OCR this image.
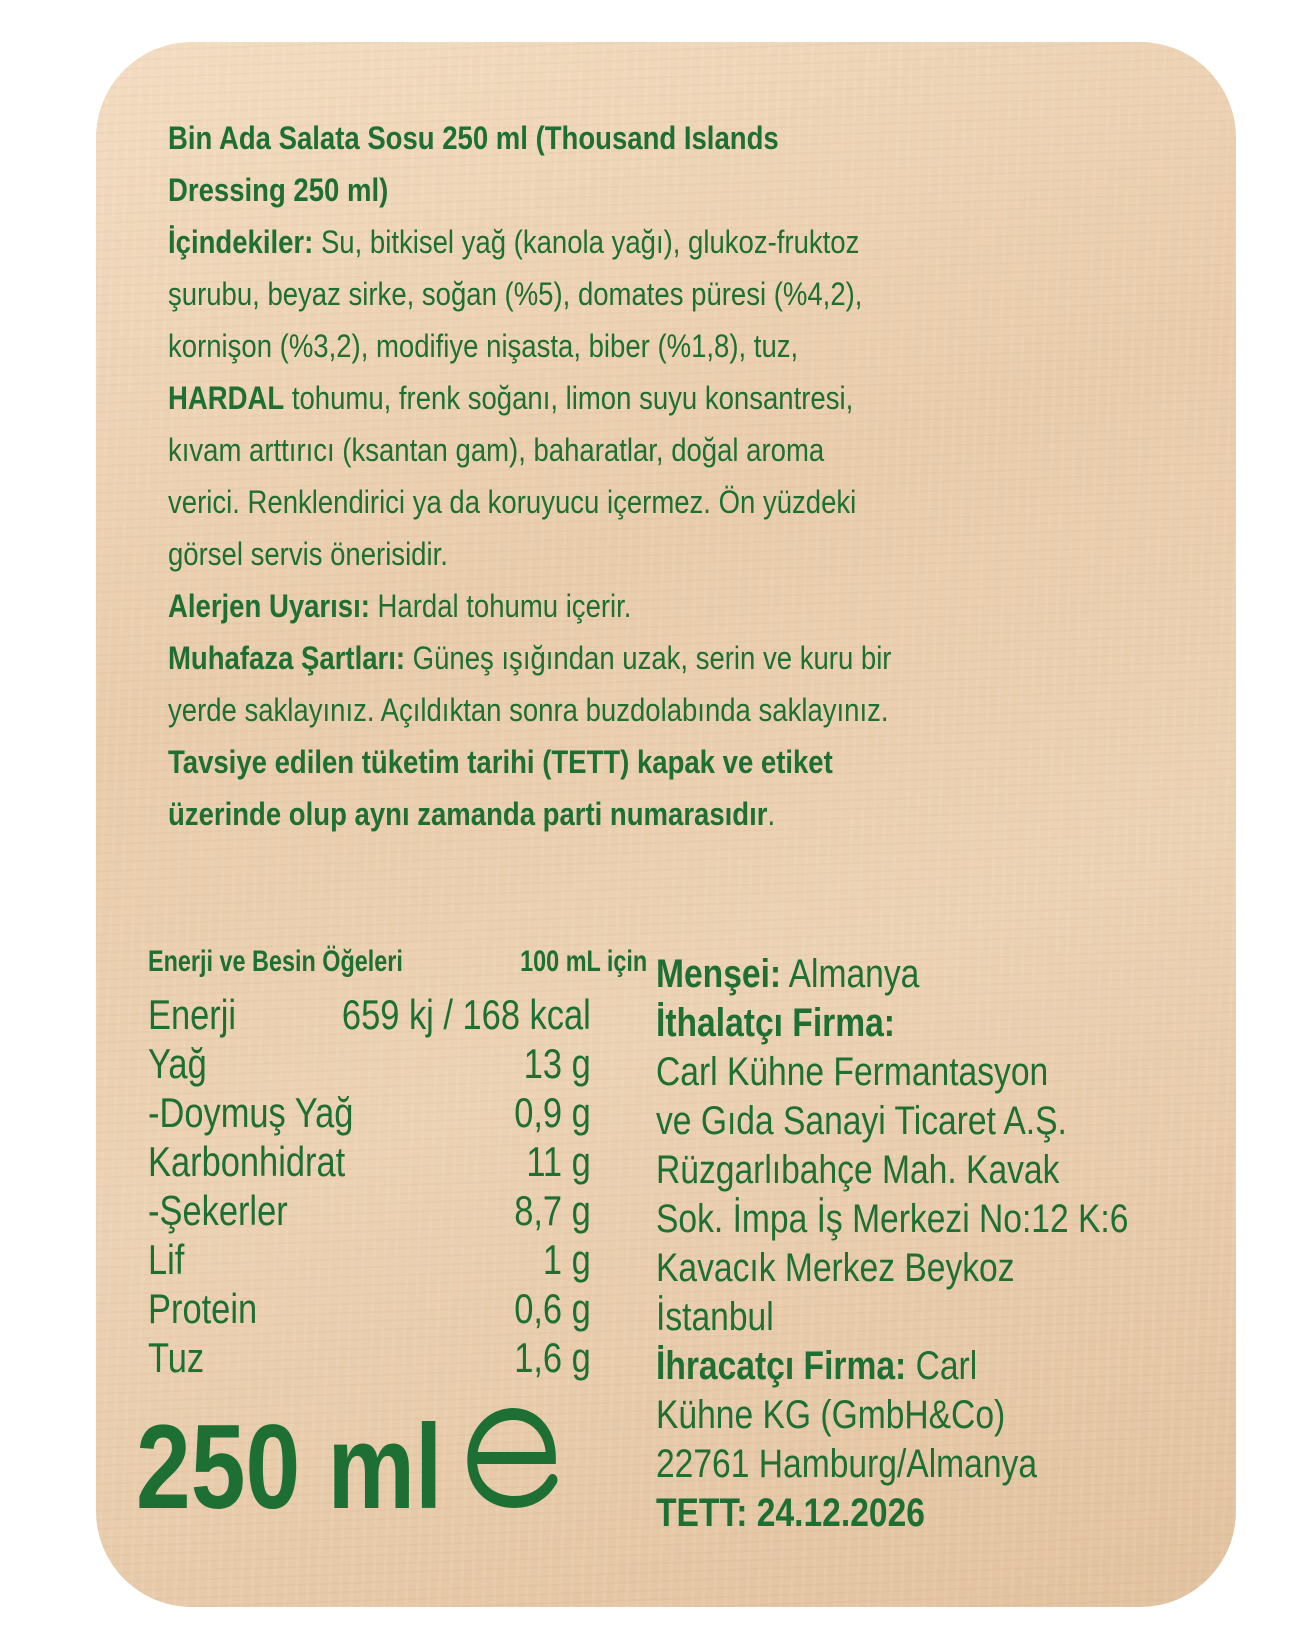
Bin Ada Salata Sosu 250 ml (Thousand Islands
Dressing 250 ml)
İçindekiler: Su, bitkisel yağ (kanola yağı), glukoz-fruktoz
şurubu, beyaz sirke, soğan (%5), domates püresi (%4,2),
kornişon (%3,2), modifiye nişasta, biber (%1,8), tuz,
HARDAL tohumu, frenk soğanı, limon suyu konsantresi,
kıvam arttırıcı (ksantan gam), baharatlar, doğal aroma
verici. Renklendirici ya da koruyucu içermez. Ön yüzdeki
görsel servis önerisidir.
Alerjen Uyarısı: Hardal tohumu içerir.
Muhafaza Şartları: Güneş ışığından uzak, serin ve kuru bir
yerde saklayınız. Açıldıktan sonra buzdolabında saklayınız.
Tavsiye edilen tüketim tarihi (TETT) kapak ve etiket
üzerinde olup aynı zamanda parti numarasıdır.
Enerji ve Besin Öğeleri	100 mL için
Enerji	659 kj / 168 kcal
Yağ	13 g
-Doymuş Yağ	0,9 g
Karbonhidrat	11 g
-Şekerler	8,7 g
Lif	1 g
Protein	0,6 g
Tuz	1,6 g
Menşei: Almanya
İthalatçı Firma:
Carl Kühne Fermantasyon
ve Gıda Sanayi Ticaret A.Ş.
Rüzgarlıbahçe Mah. Kavak
Sok. İmpa İş Merkezi No:12 K:6
Kavacık Merkez Beykoz
İstanbul
İhracatçı Firma: Carl
Kühne KG (GmbH&Co)
22761 Hamburg/Almanya
TETT: 24.12.2026
250 ml
